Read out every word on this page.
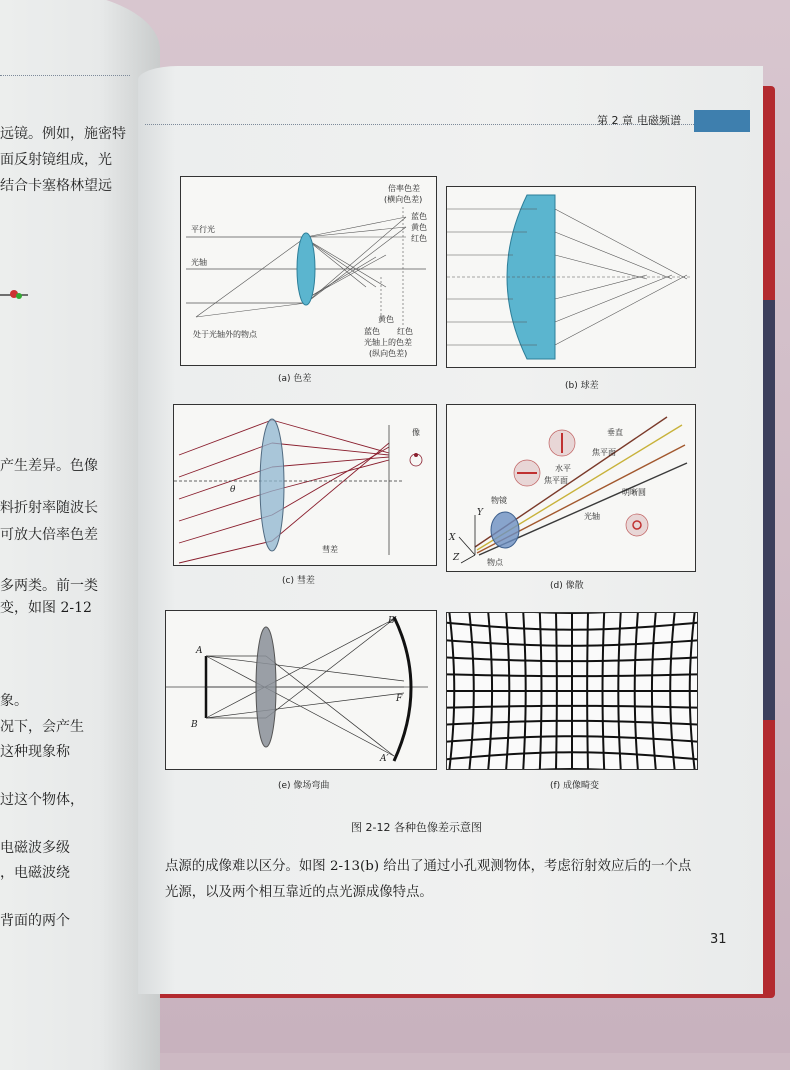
远镜。例如，施密特
面反射镜组成，光
结合卡塞格林望远
产生差异。色像
料折射率随波长
可放大倍率色差
多两类。前一类
变，如图 2-12
象。
况下，会产生
这种现象称
过这个物体，
电磁波多级
，电磁波绕
背面的两个
第 2 章 电磁频谱
平行光
光轴
处于光轴外的物点
倍率色差
(横向色差)
蓝色
黄色
红色
黄色
蓝色 红色
光轴上的色差
(纵向色差)
(a) 色差
(b) 球差
像
彗差
θ
(c) 彗差
垂直
焦平面
水平
焦平面
明晰圆
物镜
光轴
物点
X
Y
Z
(d) 像散
A
B
A′
B′
F
(e) 像场弯曲	(f) 成像畸变
图 2-12 各种色像差示意图
点源的成像难以区分。如图 2-13(b) 给出了通过小孔观测物体，考虑衍射效应后的一个点
光源，以及两个相互靠近的点光源成像特点。
31
